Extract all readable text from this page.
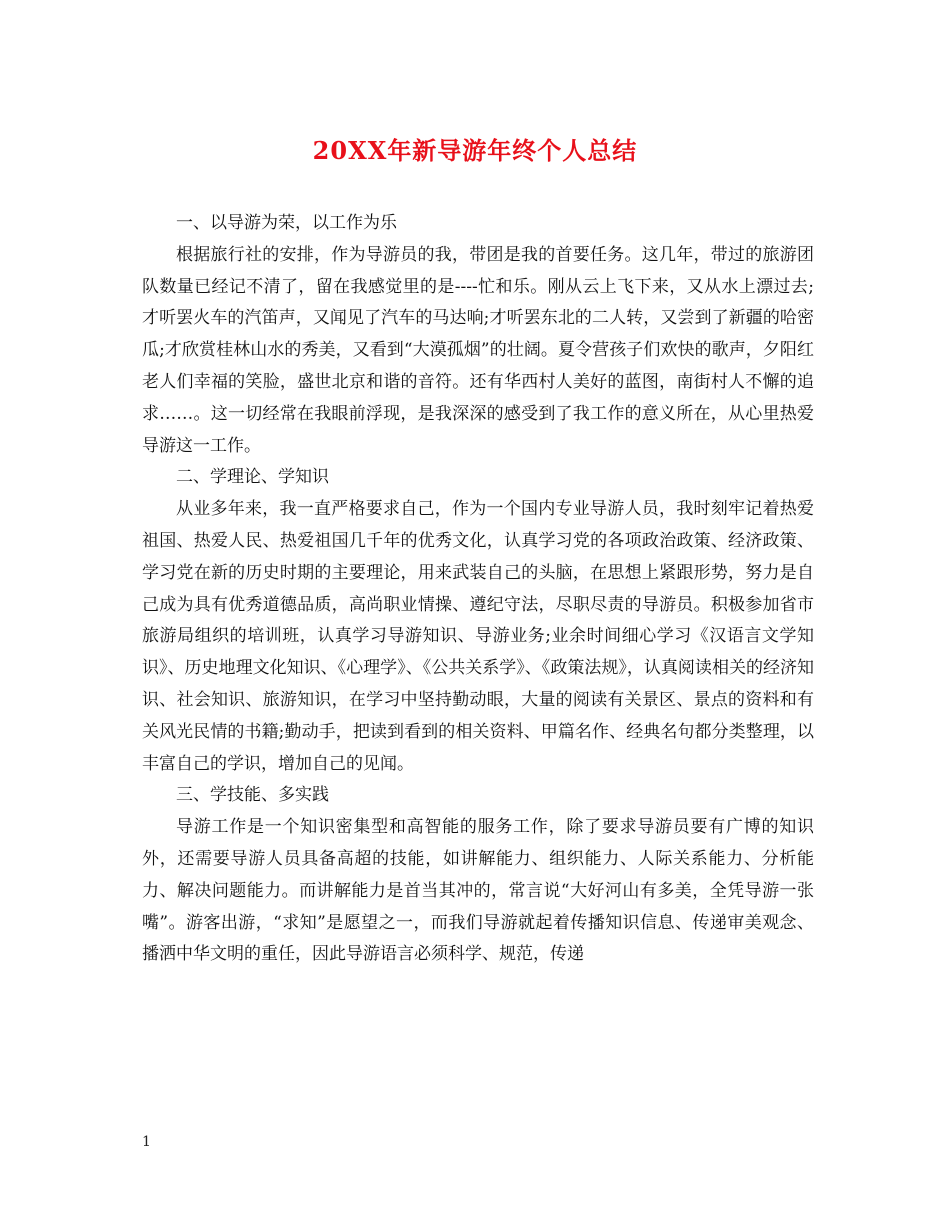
20XX年新导游年终个人总结

一、以导游为荣，以工作为乐

根据旅行社的安排，作为导游员的我，带团是我的首要任务。这几年，带过的旅游团队数量已经记不清了，留在我感觉里的是----忙和乐。刚从云上飞下来，又从水上漂过去;才听罢火车的汽笛声，又闻见了汽车的马达响;才听罢东北的二人转，又尝到了新疆的哈密瓜;才欣赏桂林山水的秀美，又看到“大漠孤烟”的壮阔。夏令营孩子们欢快的歌声，夕阳红老人们幸福的笑脸，盛世北京和谐的音符。还有华西村人美好的蓝图，南街村人不懈的追求……。这一切经常在我眼前浮现，是我深深的感受到了我工作的意义所在，从心里热爱导游这一工作。

二、学理论、学知识

从业多年来，我一直严格要求自己，作为一个国内专业导游人员，我时刻牢记着热爱祖国、热爱人民、热爱祖国几千年的优秀文化，认真学习党的各项政治政策、经济政策、学习党在新的历史时期的主要理论，用来武装自己的头脑，在思想上紧跟形势，努力是自己成为具有优秀道德品质，高尚职业情操、遵纪守法，尽职尽责的导游员。积极参加省市旅游局组织的培训班，认真学习导游知识、导游业务;业余时间细心学习《汉语言文学知识》、历史地理文化知识、《心理学》、《公共关系学》、《政策法规》，认真阅读相关的经济知识、社会知识、旅游知识，在学习中坚持勤动眼，大量的阅读有关景区、景点的资料和有关风光民情的书籍;勤动手，把读到看到的相关资料、甲篇名作、经典名句都分类整理，以丰富自己的学识，增加自己的见闻。

三、学技能、多实践

导游工作是一个知识密集型和高智能的服务工作，除了要求导游员要有广博的知识外，还需要导游人员具备高超的技能，如讲解能力、组织能力、人际关系能力、分析能力、解决问题能力。而讲解能力是首当其冲的，常言说“大好河山有多美，全凭导游一张嘴”。游客出游，“求知”是愿望之一，而我们导游就起着传播知识信息、传递审美观念、播洒中华文明的重任，因此导游语言必须科学、规范，传递

1
